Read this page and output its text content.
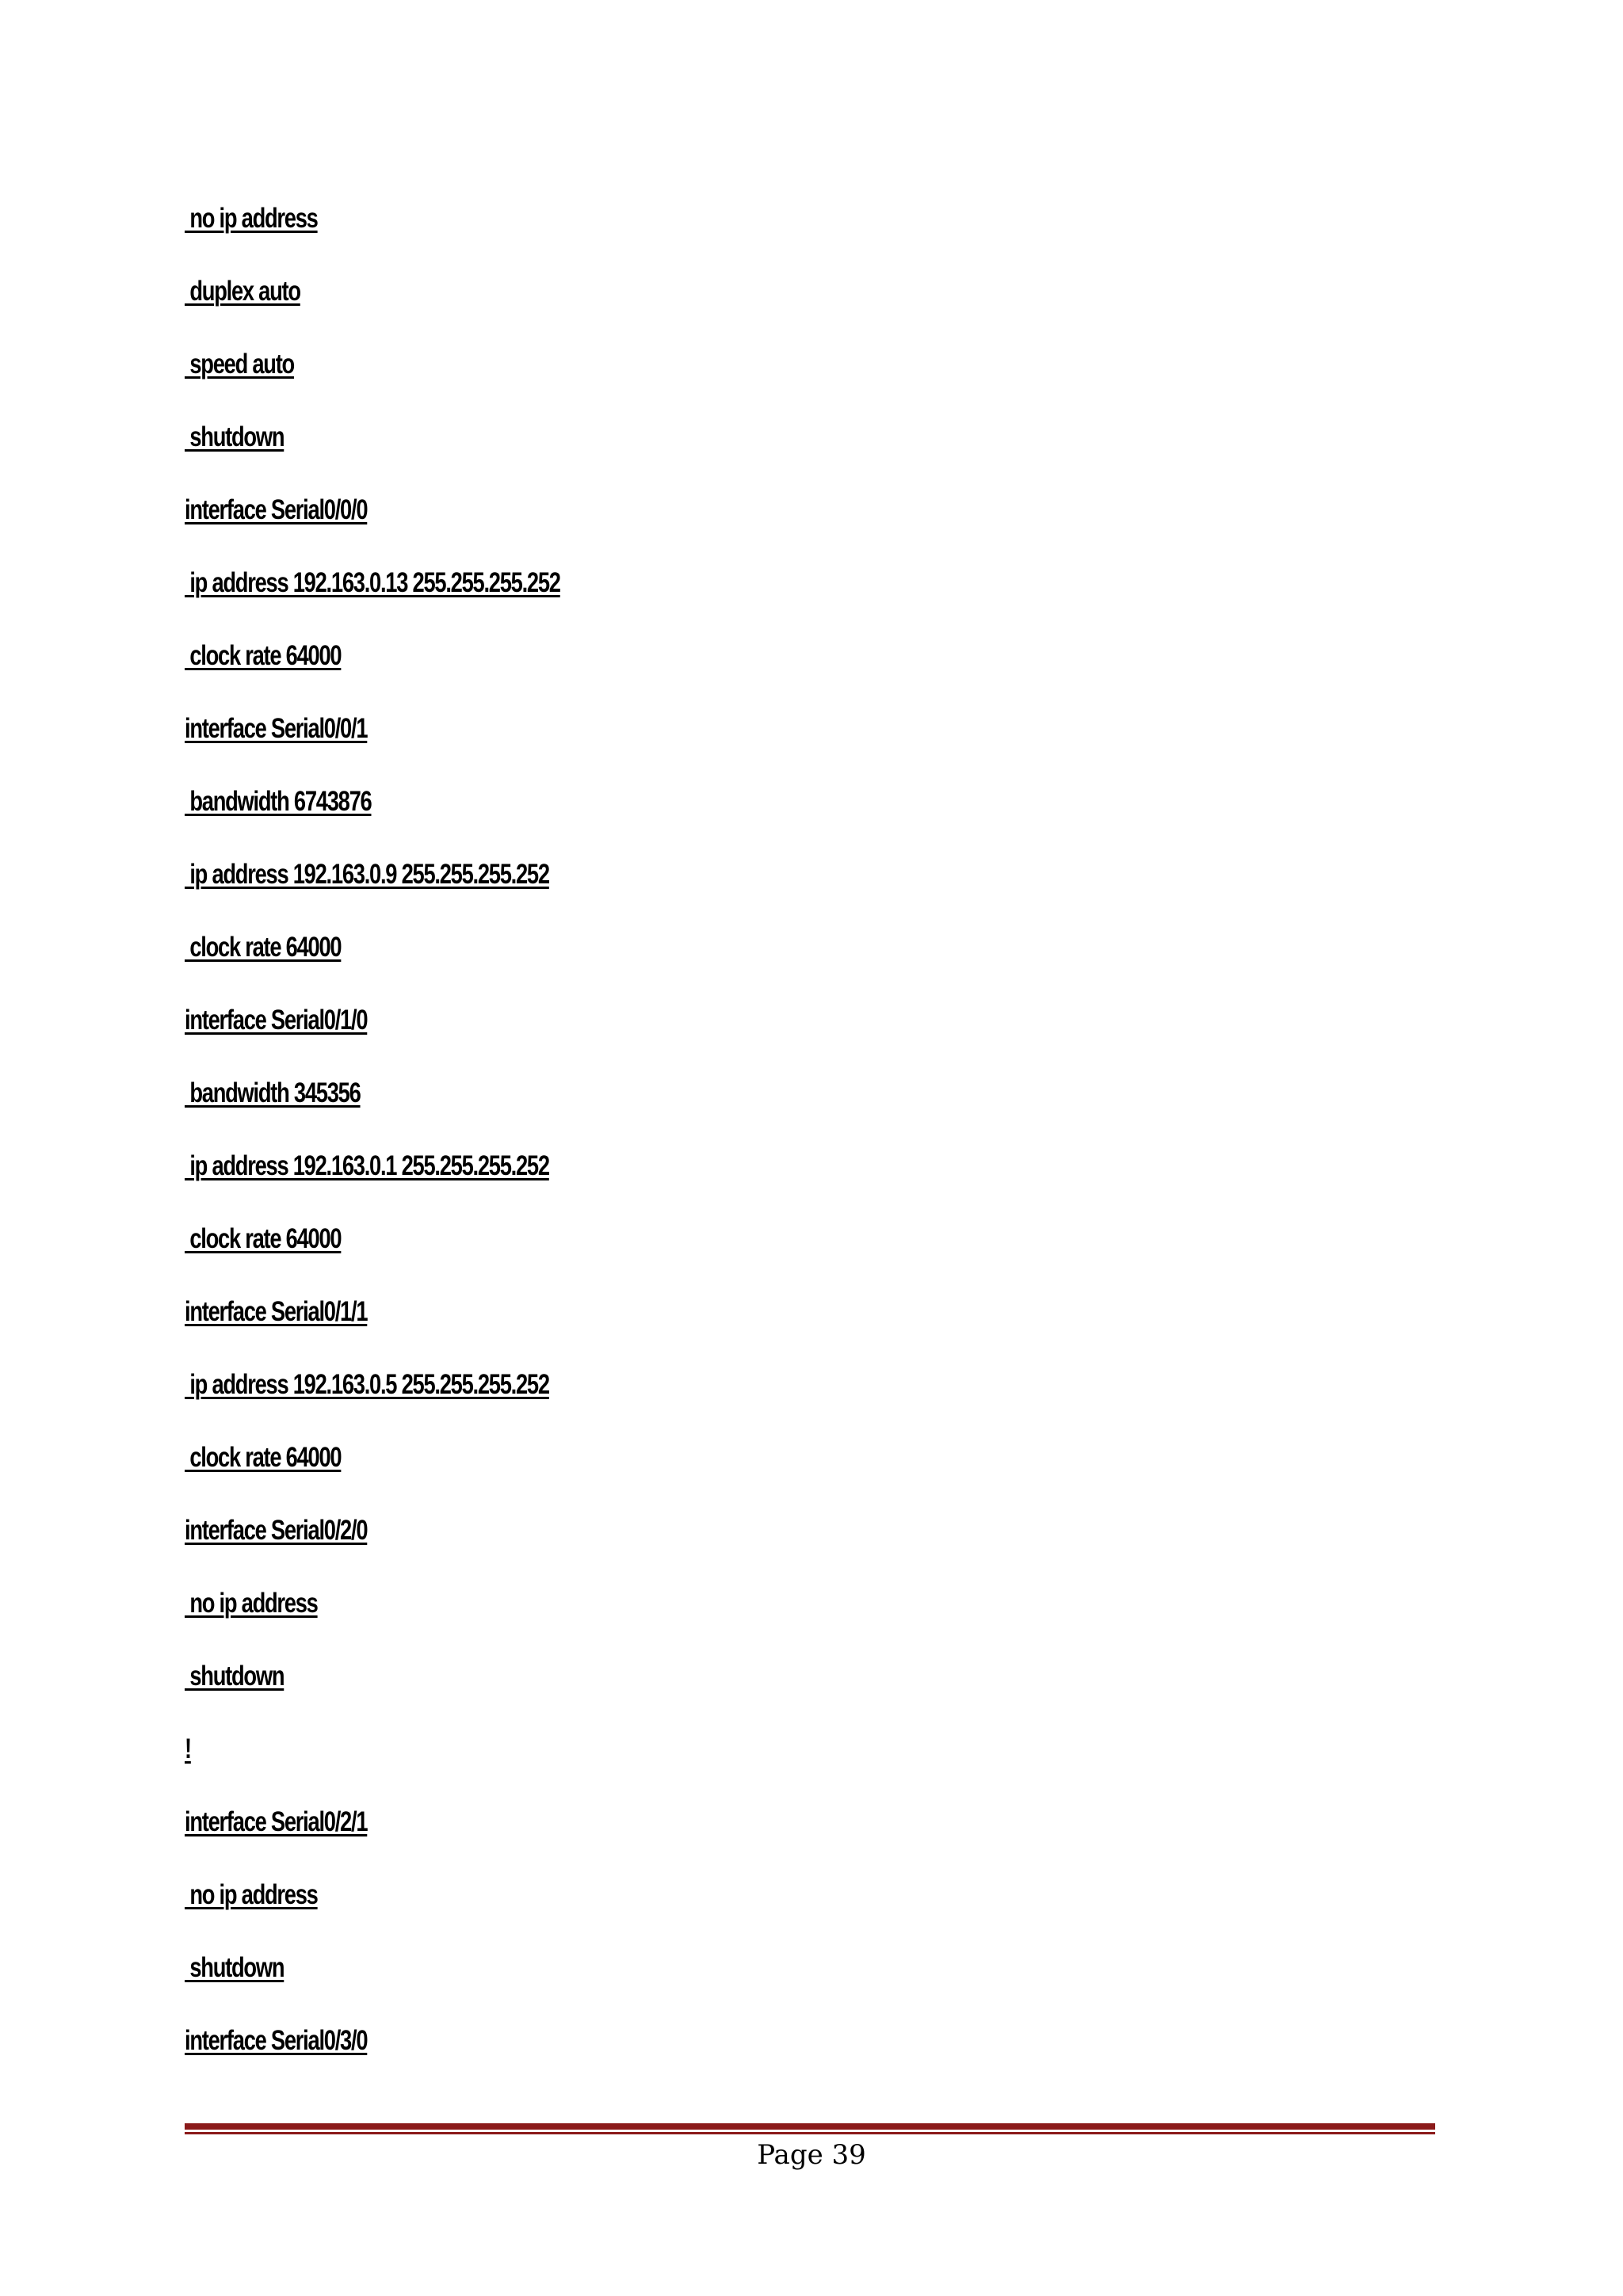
no ip address
duplex auto
speed auto
shutdown
interface Serial0/0/0
ip address 192.163.0.13 255.255.255.252
clock rate 64000
interface Serial0/0/1
bandwidth 6743876
ip address 192.163.0.9 255.255.255.252
clock rate 64000
interface Serial0/1/0
bandwidth 345356
ip address 192.163.0.1 255.255.255.252
clock rate 64000
interface Serial0/1/1
ip address 192.163.0.5 255.255.255.252
clock rate 64000
interface Serial0/2/0
no ip address
shutdown
!
interface Serial0/2/1
no ip address
shutdown
interface Serial0/3/0
Page 39
